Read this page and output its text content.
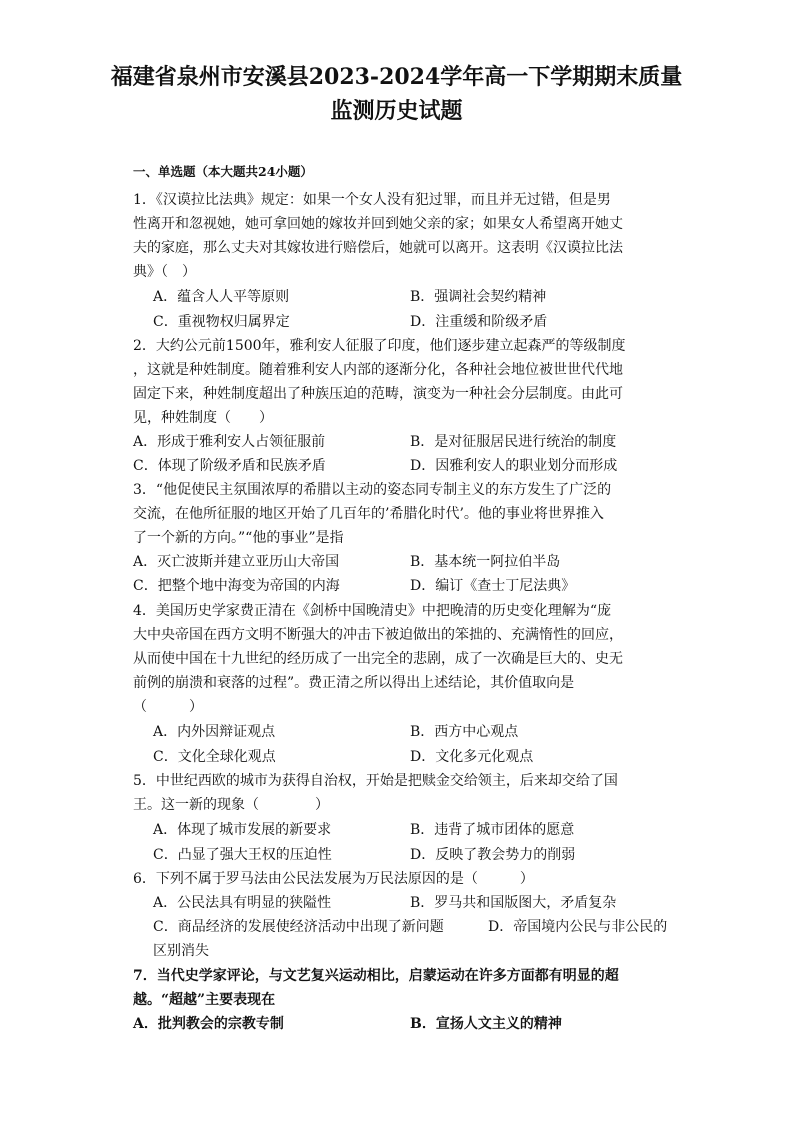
福建省泉州市安溪县2023-2024学年高一下学期期末质量
监测历史试题
一、单选题（本大题共24小题）
1．《汉谟拉比法典》规定：如果一个女人没有犯过罪，而且并无过错，但是男
性离开和忽视她，她可拿回她的嫁妆并回到她父亲的家；如果女人希望离开她丈
夫的家庭，那么丈夫对其嫁妆进行赔偿后，她就可以离开。这表明《汉谟拉比法
典》（　）
A．蕴含人人平等原则	B．强调社会契约精神
C．重视物权归属界定	D．注重缓和阶级矛盾
2．大约公元前1500年，雅利安人征服了印度，他们逐步建立起森严的等级制度
，这就是种姓制度。随着雅利安人内部的逐渐分化，各种社会地位被世世代代地
固定下来，种姓制度超出了种族压迫的范畴，演变为一种社会分层制度。由此可
见，种姓制度（　　）
A．形成于雅利安人占领征服前	B．是对征服居民进行统治的制度
C．体现了阶级矛盾和民族矛盾	D．因雅利安人的职业划分而形成
3．“他促使民主氛围浓厚的希腊以主动的姿态同专制主义的东方发生了广泛的
交流，在他所征服的地区开始了几百年的’希腊化时代’。他的事业将世界推入
了一个新的方向。”“他的事业”是指
A．灭亡波斯并建立亚历山大帝国	B．基本统一阿拉伯半岛
C．把整个地中海变为帝国的内海	D．编订《查士丁尼法典》
4．美国历史学家费正清在《剑桥中国晚清史》中把晚清的历史变化理解为“庞
大中央帝国在西方文明不断强大的冲击下被迫做出的笨拙的、充满惰性的回应，
从而使中国在十九世纪的经历成了一出完全的悲剧，成了一次确是巨大的、史无
前例的崩溃和衰落的过程”。费正清之所以得出上述结论，其价值取向是
（　　　）
A．内外因辩证观点	B．西方中心观点
C．文化全球化观点	D．文化多元化观点
5．中世纪西欧的城市为获得自治权，开始是把赎金交给领主，后来却交给了国
王。这一新的现象（　　　　）
A．体现了城市发展的新要求	B．违背了城市团体的愿意
C．凸显了强大王权的压迫性	D．反映了教会势力的削弱
6．下列不属于罗马法由公民法发展为万民法原因的是（　　　）
A．公民法具有明显的狭隘性	B．罗马共和国版图大，矛盾复杂
C．商品经济的发展使经济活动中出现了新问题	D．帝国境内公民与非公民的
区别消失
7．当代史学家评论，与文艺复兴运动相比，启蒙运动在许多方面都有明显的超
越。“超越”主要表现在
A．批判教会的宗教专制	B．宣扬人文主义的精神
